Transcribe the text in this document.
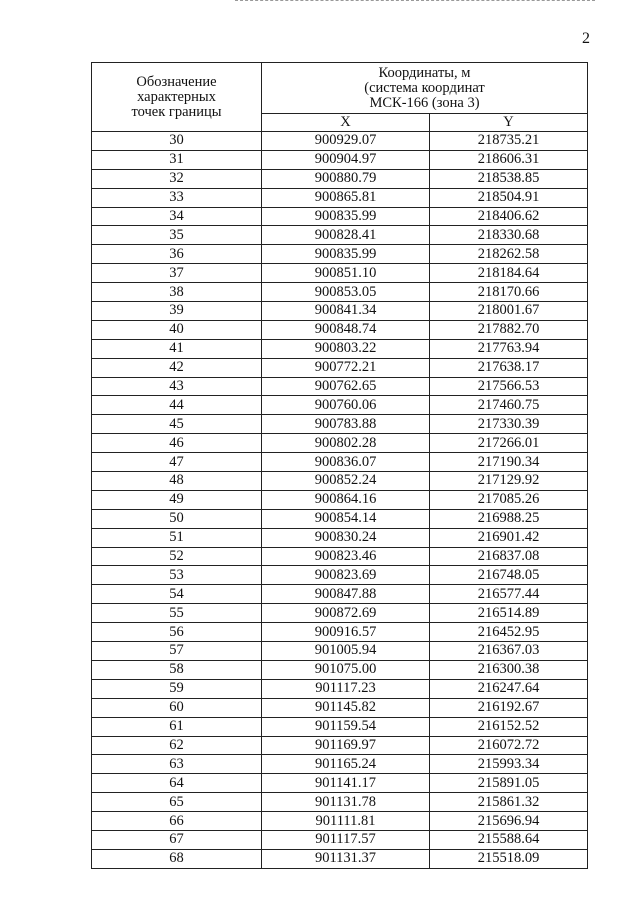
2
Обозначение
характерных
точек границы	Координаты, м
(система координат
МСК-166 (зона 3)	
	X	Y
30	900929.07	218735.21
31	900904.97	218606.31
32	900880.79	218538.85
33	900865.81	218504.91
34	900835.99	218406.62
35	900828.41	218330.68
36	900835.99	218262.58
37	900851.10	218184.64
38	900853.05	218170.66
39	900841.34	218001.67
40	900848.74	217882.70
41	900803.22	217763.94
42	900772.21	217638.17
43	900762.65	217566.53
44	900760.06	217460.75
45	900783.88	217330.39
46	900802.28	217266.01
47	900836.07	217190.34
48	900852.24	217129.92
49	900864.16	217085.26
50	900854.14	216988.25
51	900830.24	216901.42
52	900823.46	216837.08
53	900823.69	216748.05
54	900847.88	216577.44
55	900872.69	216514.89
56	900916.57	216452.95
57	901005.94	216367.03
58	901075.00	216300.38
59	901117.23	216247.64
60	901145.82	216192.67
61	901159.54	216152.52
62	901169.97	216072.72
63	901165.24	215993.34
64	901141.17	215891.05
65	901131.78	215861.32
66	901111.81	215696.94
67	901117.57	215588.64
68	901131.37	215518.09
